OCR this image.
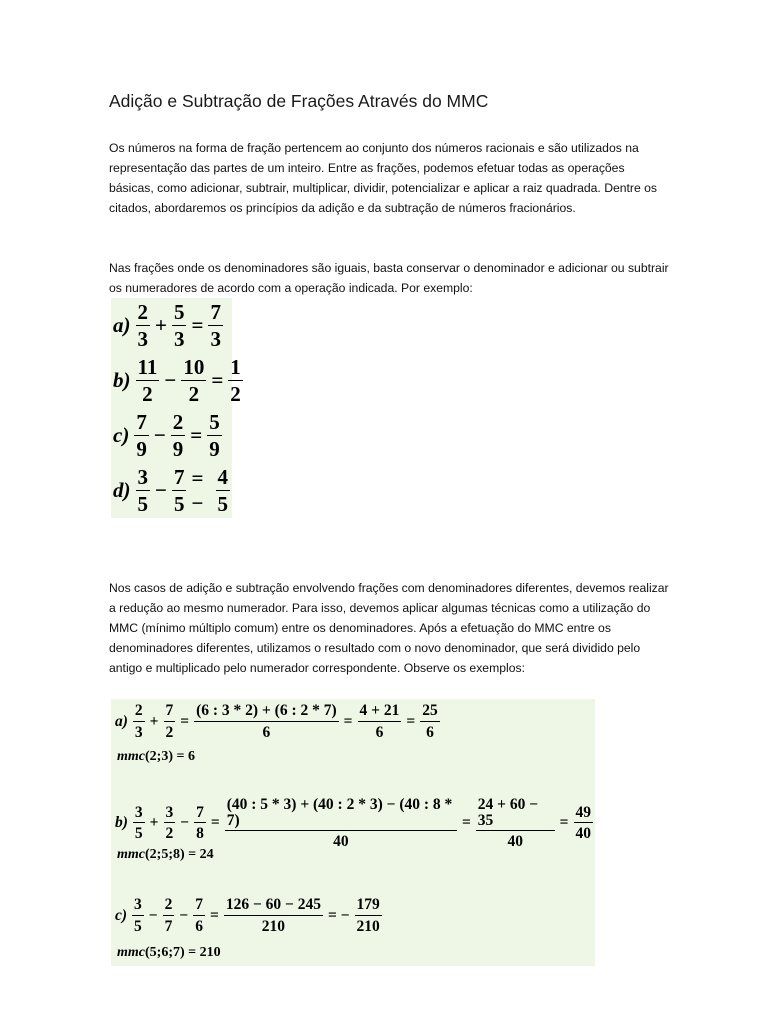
Adição e Subtração de Frações Através do MMC

Os números na forma de fração pertencem ao conjunto dos números racionais e são utilizados na representação das partes de um inteiro. Entre as frações, podemos efetuar todas as operações básicas, como adicionar, subtrair, multiplicar, dividir, potencializar e aplicar a raiz quadrada. Dentre os citados, abordaremos os princípios da adição e da subtração de números fracionários.

Nas frações onde os denominadores são iguais, basta conservar o denominador e adicionar ou subtrair os numeradores de acordo com a operação indicada. Por exemplo:

$a) \frac{2}{3} + \frac{5}{3} = \frac{7}{3}$
$b) \frac{11}{2} - \frac{10}{2} = \frac{1}{2}$
$c) \frac{7}{9} - \frac{2}{9} = \frac{5}{9}$
$d) \frac{3}{5} - \frac{7}{5}$ = − $\frac{4}{5}$

Nos casos de adição e subtração envolvendo frações com denominadores diferentes, devemos realizar a redução ao mesmo numerador. Para isso, devemos aplicar algumas técnicas como a utilização do MMC (mínimo múltiplo comum) entre os denominadores. Após a efetuação do MMC entre os denominadores diferentes, utilizamos o resultado com o novo denominador, que será dividido pelo antigo e multiplicado pelo numerador correspondente. Observe os exemplos:

$a) \frac{2}{3} + \frac{7}{2} = \frac{(6 : 3 * 2) + (6 : 2 * 7)}{6} = \frac{4 + 21}{6} = \frac{25}{6}$
mmc(2;3) = 6
$b) \frac{3}{5} + \frac{3}{2} - \frac{7}{8} = \frac{(40 : 5 * 3) + (40 : 2 * 3) - (40 : 8 * 7)}{40} = \frac{24 + 60 - 35}{40} = \frac{49}{40}$
mmc(2;5;8) = 24
$c) \frac{3}{5} - \frac{2}{7} - \frac{7}{6} = \frac{126 - 60 - 245}{210}$ = − $\frac{179}{210}$
mmc(5;6;7) = 210
